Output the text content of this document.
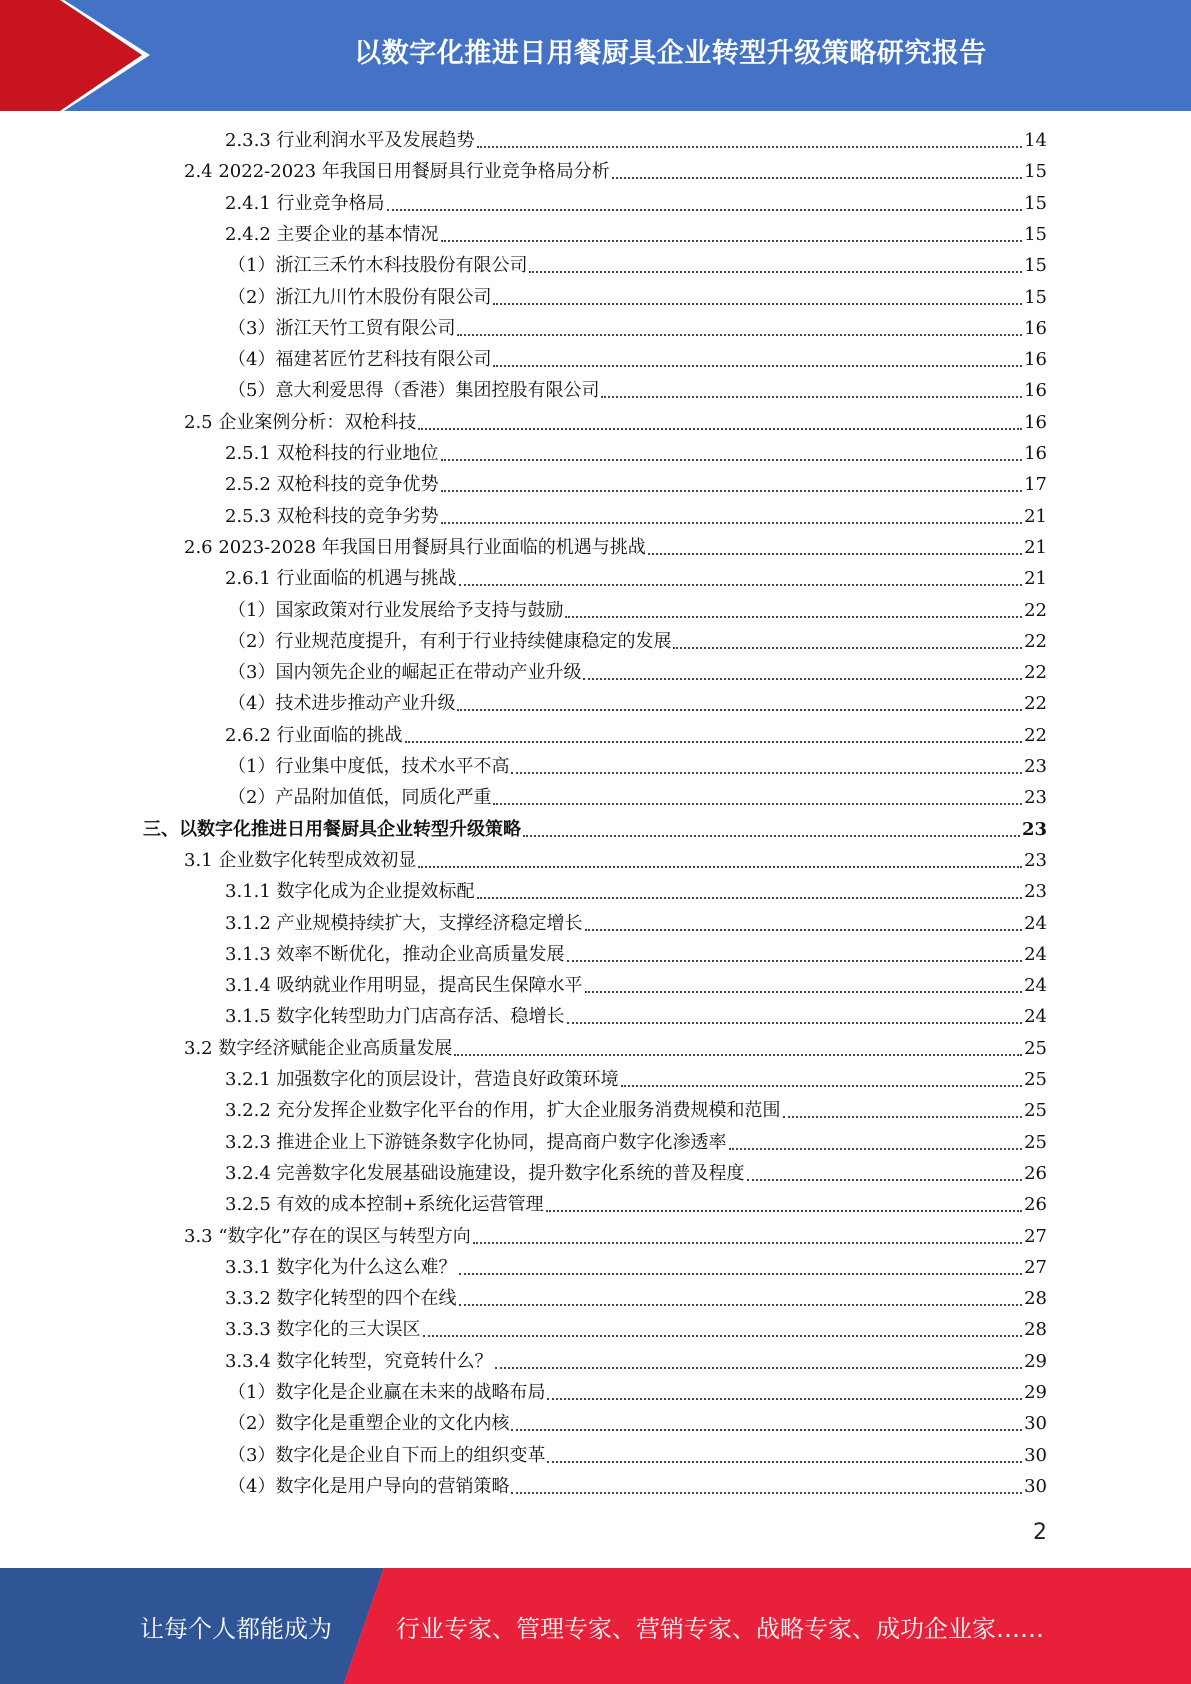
以数字化推进日用餐厨具企业转型升级策略研究报告
2.3.3 行业利润水平及发展趋势	14
2.4 2022-2023 年我国日用餐厨具行业竞争格局分析	15
2.4.1 行业竞争格局	15
2.4.2 主要企业的基本情况	15
（1）浙江三禾竹木科技股份有限公司	15
（2）浙江九川竹木股份有限公司	15
（3）浙江天竹工贸有限公司	16
（4）福建茗匠竹艺科技有限公司	16
（5）意大利爱思得（香港）集团控股有限公司	16
2.5 企业案例分析：双枪科技	16
2.5.1 双枪科技的行业地位	16
2.5.2 双枪科技的竞争优势	17
2.5.3 双枪科技的竞争劣势	21
2.6 2023-2028 年我国日用餐厨具行业面临的机遇与挑战	21
2.6.1 行业面临的机遇与挑战	21
（1）国家政策对行业发展给予支持与鼓励	22
（2）行业规范度提升，有利于行业持续健康稳定的发展	22
（3）国内领先企业的崛起正在带动产业升级	22
（4）技术进步推动产业升级	22
2.6.2 行业面临的挑战	22
（1）行业集中度低，技术水平不高	23
（2）产品附加值低，同质化严重	23
三、以数字化推进日用餐厨具企业转型升级策略	23
3.1 企业数字化转型成效初显	23
3.1.1 数字化成为企业提效标配	23
3.1.2 产业规模持续扩大，支撑经济稳定增长	24
3.1.3 效率不断优化，推动企业高质量发展	24
3.1.4 吸纳就业作用明显，提高民生保障水平	24
3.1.5 数字化转型助力门店高存活、稳增长	24
3.2 数字经济赋能企业高质量发展	25
3.2.1 加强数字化的顶层设计，营造良好政策环境	25
3.2.2 充分发挥企业数字化平台的作用，扩大企业服务消费规模和范围	25
3.2.3 推进企业上下游链条数字化协同，提高商户数字化渗透率	25
3.2.4 完善数字化发展基础设施建设，提升数字化系统的普及程度	26
3.2.5 有效的成本控制+系统化运营管理	26
3.3 “数字化”存在的误区与转型方向	27
3.3.1 数字化为什么这么难？	27
3.3.2 数字化转型的四个在线	28
3.3.3 数字化的三大误区	28
3.3.4 数字化转型，究竟转什么？	29
（1）数字化是企业赢在未来的战略布局	29
（2）数字化是重塑企业的文化内核	30
（3）数字化是企业自下而上的组织变革	30
（4）数字化是用户导向的营销策略	30
2
让每个人都能成为	行业专家、管理专家、营销专家、战略专家、成功企业家……
